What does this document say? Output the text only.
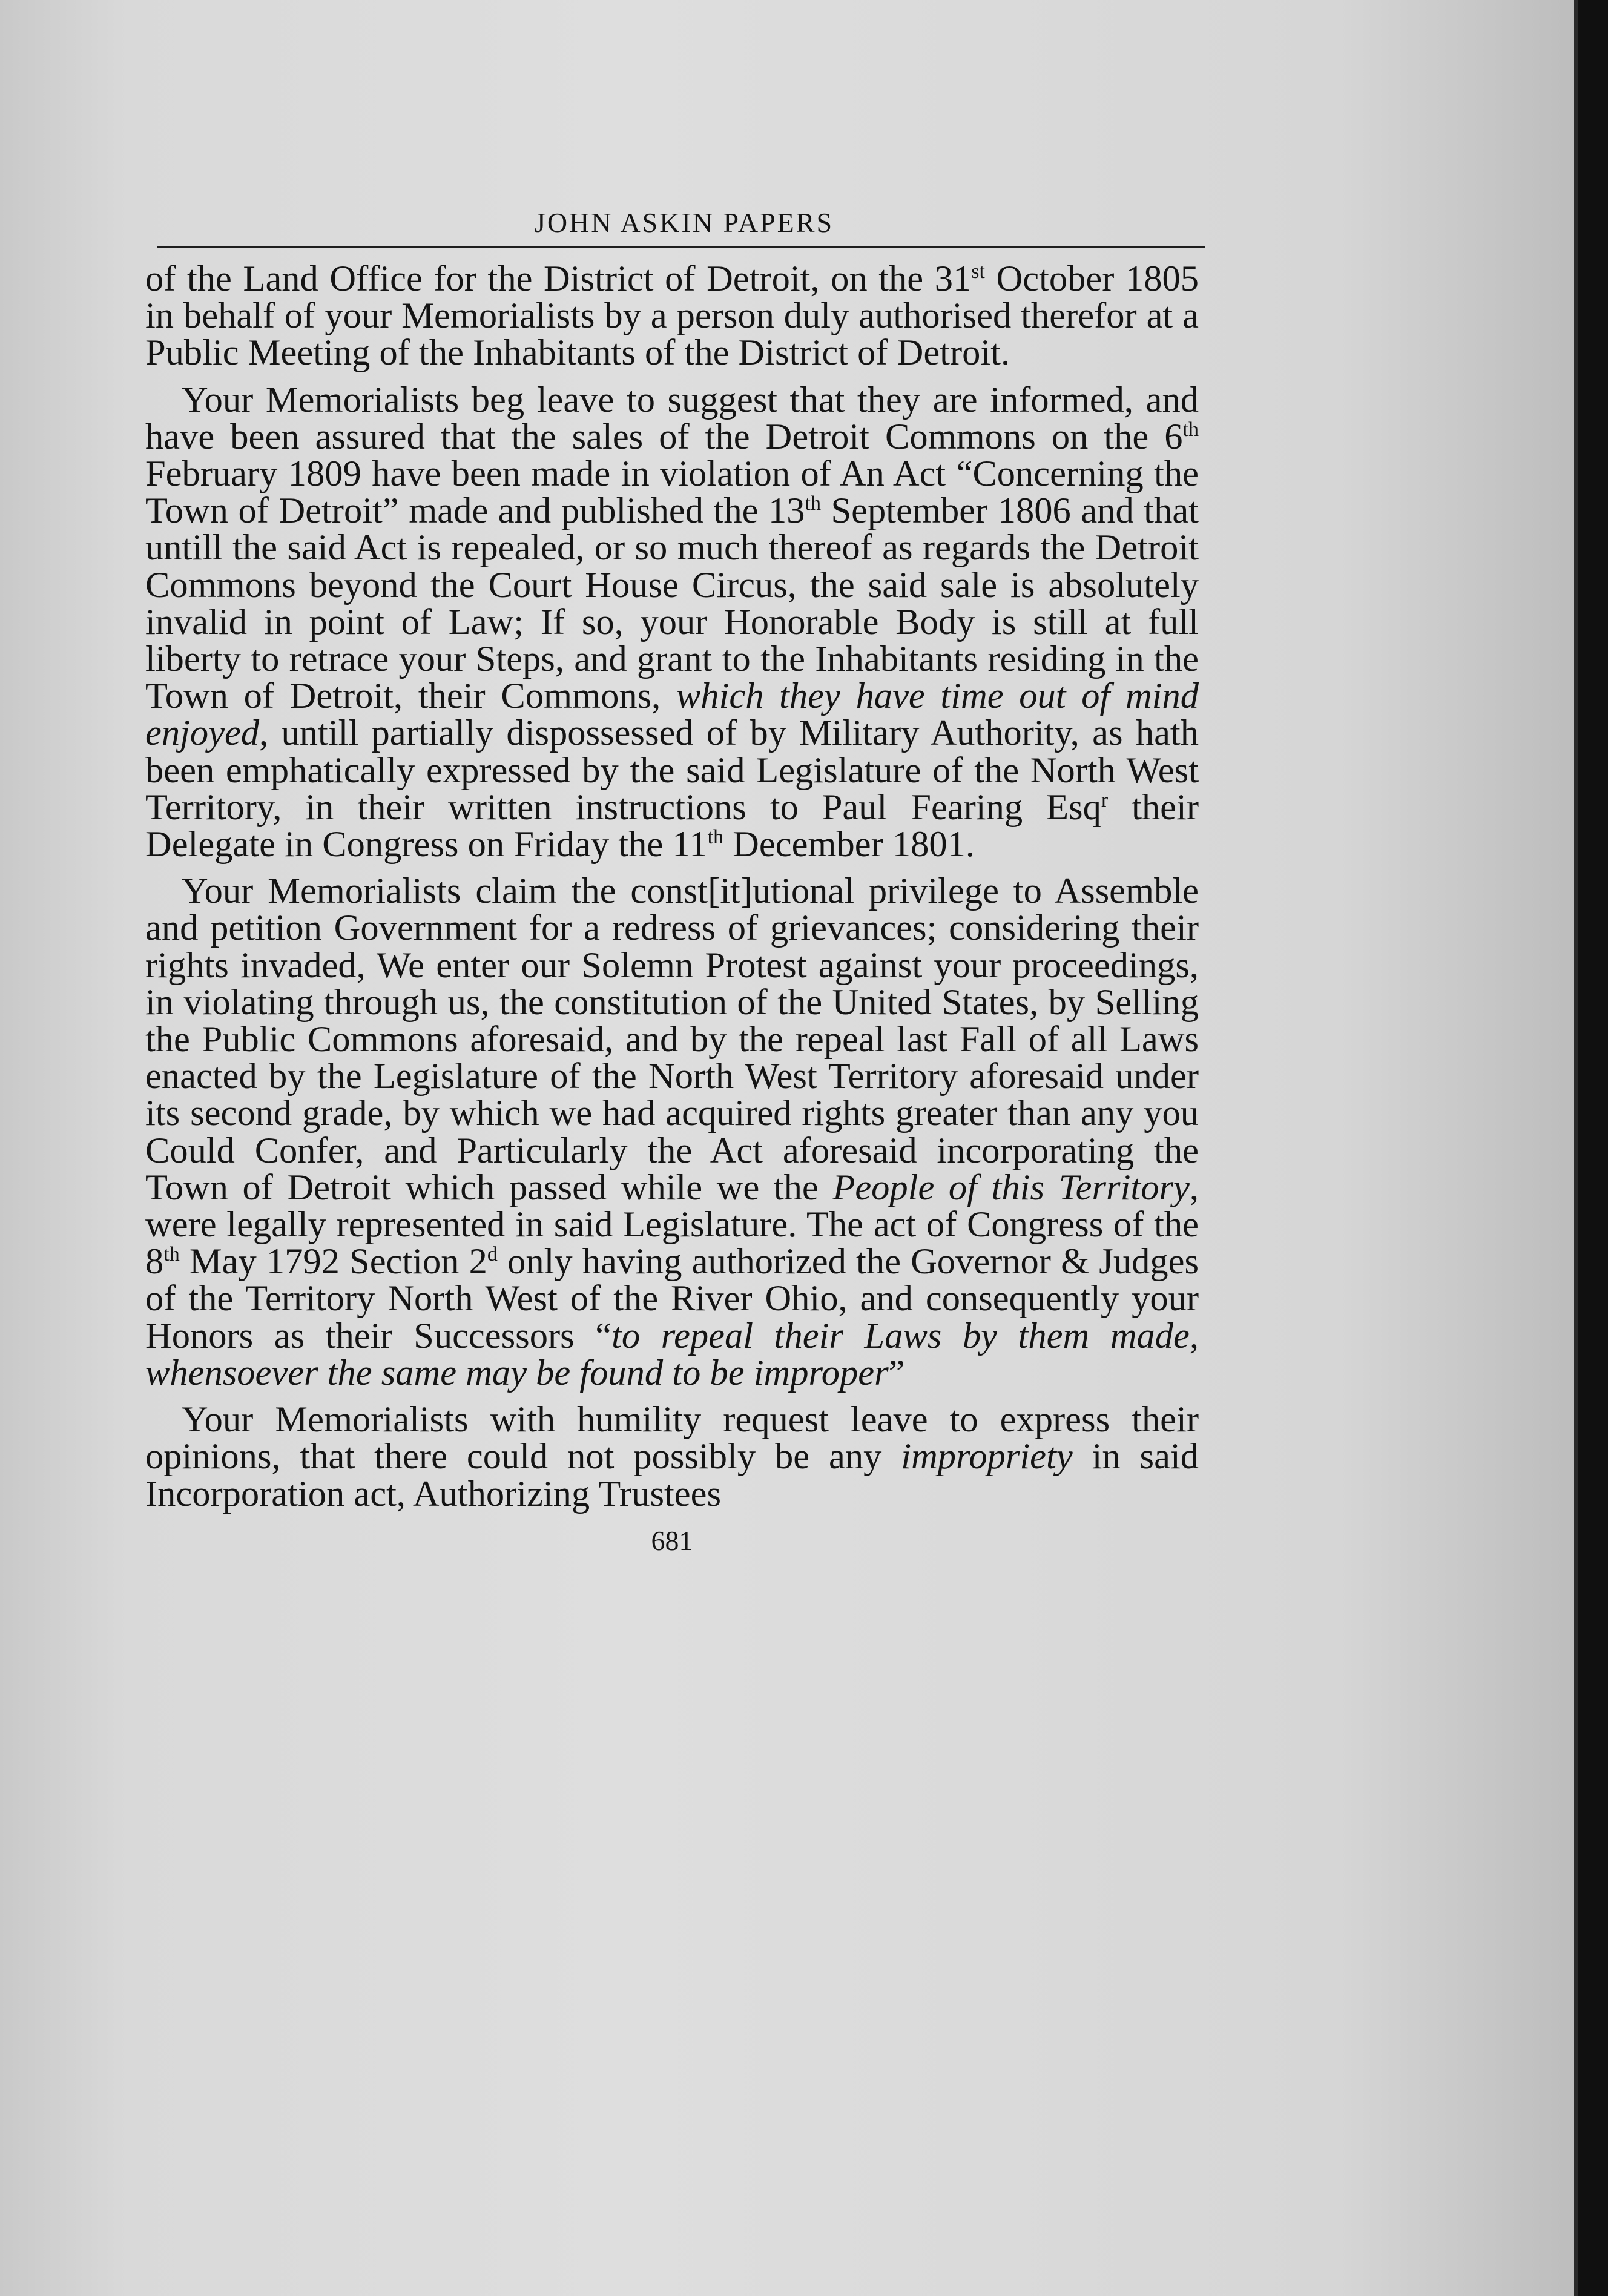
JOHN ASKIN PAPERS

of the Land Office for the District of Detroit, on the 31st October 1805 in behalf of your Memorialists by a person duly authorised therefor at a Public Meeting of the Inhabitants of the District of Detroit.

Your Memorialists beg leave to suggest that they are informed, and have been assured that the sales of the Detroit Commons on the 6th February 1809 have been made in violation of An Act “Concerning the Town of Detroit” made and published the 13th September 1806 and that untill the said Act is repealed, or so much thereof as regards the Detroit Commons beyond the Court House Circus, the said sale is absolutely invalid in point of Law; If so, your Honorable Body is still at full liberty to retrace your Steps, and grant to the Inhabitants residing in the Town of Detroit, their Commons, which they have time out of mind enjoyed, untill partially dispossessed of by Military Authority, as hath been emphatically expressed by the said Legislature of the North West Territory, in their written instructions to Paul Fearing Esq$^r$ their Delegate in Congress on Friday the 11th December 1801.

Your Memorialists claim the const[it]utional privilege to Assemble and petition Government for a redress of grievances; considering their rights invaded, We enter our Solemn Protest against your proceedings, in violating through us, the constitution of the United States, by Selling the Public Commons aforesaid, and by the repeal last Fall of all Laws enacted by the Legislature of the North West Territory aforesaid under its second grade, by which we had acquired rights greater than any you Could Confer, and Particularly the Act aforesaid incorporating the Town of Detroit which passed while we the People of this Territory, were legally represented in said Legislature. The act of Congress of the 8th May 1792 Section 2$^d$ only having authorized the Governor & Judges of the Territory North West of the River Ohio, and consequently your Honors as their Successors “to repeal their Laws by them made, whensoever the same may be found to be improper”

Your Memorialists with humility request leave to express their opinions, that there could not possibly be any impropriety in said Incorporation act, Authorizing Trustees

681
